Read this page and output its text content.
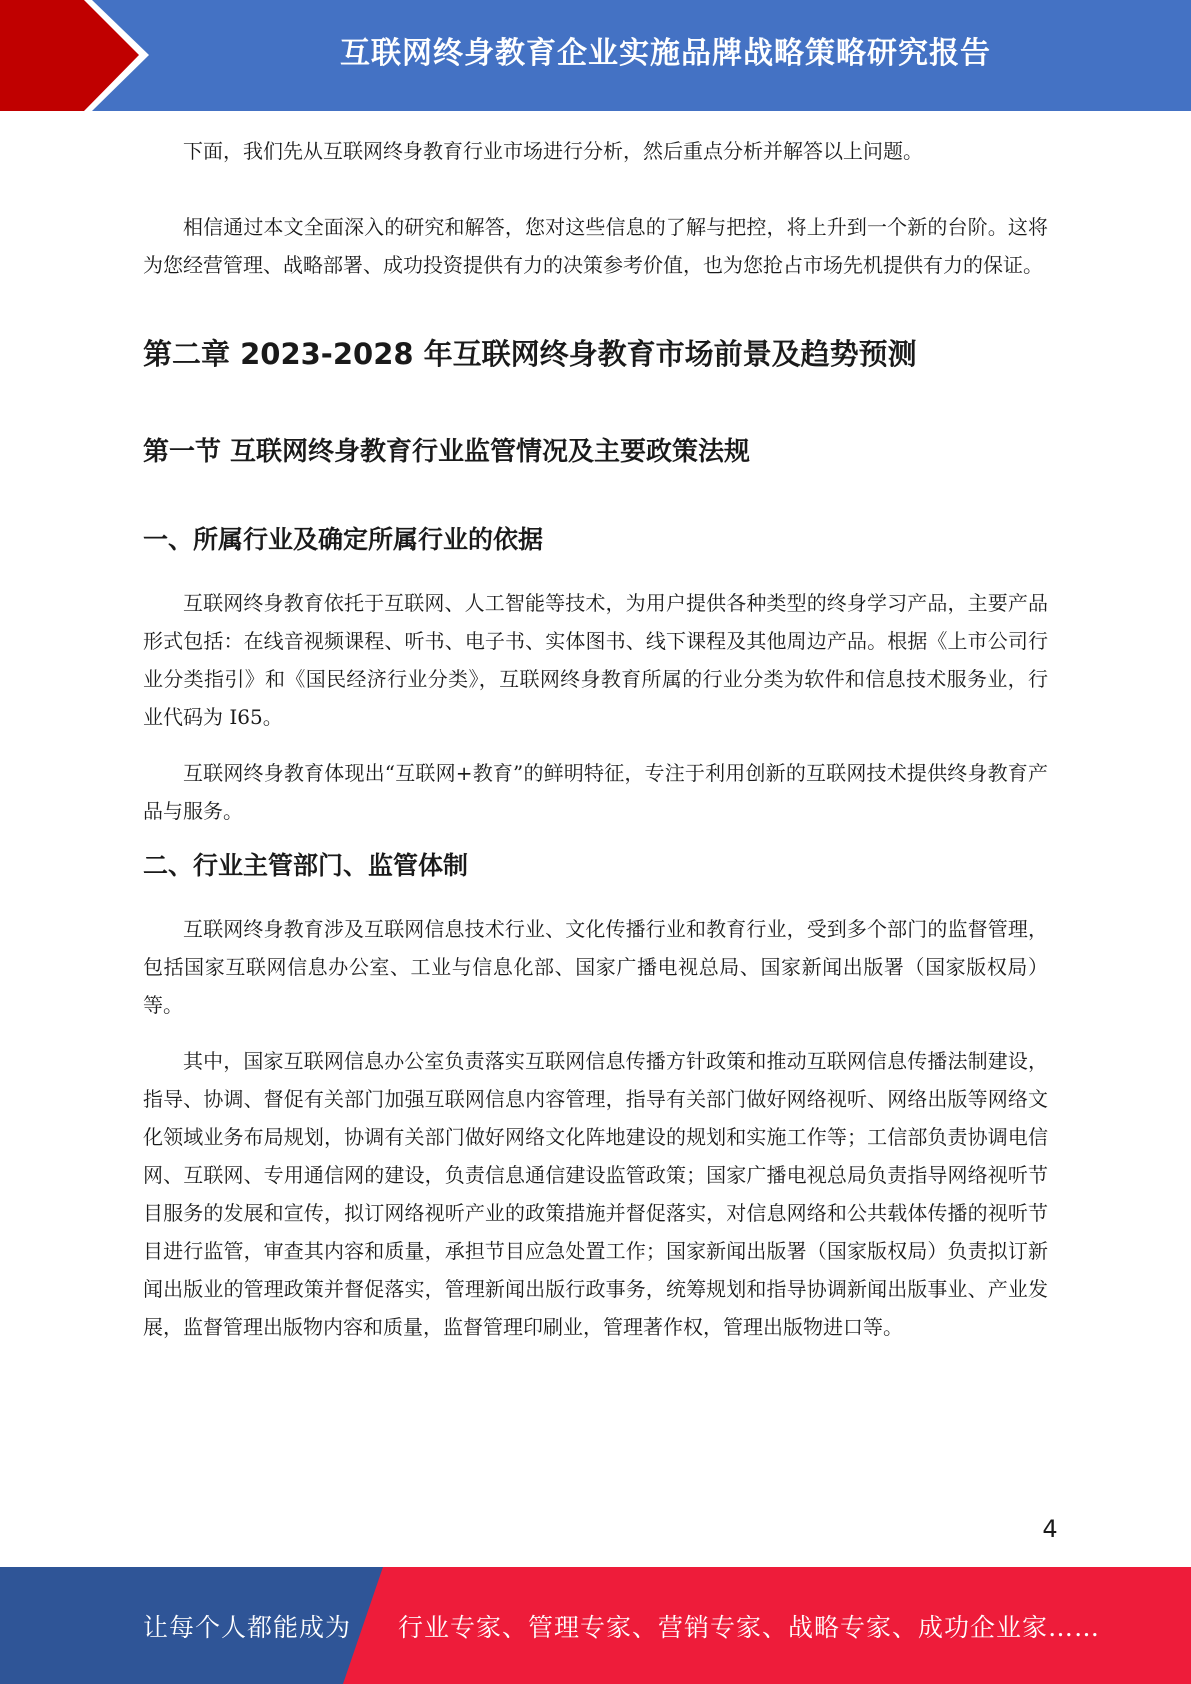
互联网终身教育企业实施品牌战略策略研究报告

下面，我们先从互联网终身教育行业市场进行分析，然后重点分析并解答以上问题。

相信通过本文全面深入的研究和解答，您对这些信息的了解与把控，将上升到一个新的台阶。这将为您经营管理、战略部署、成功投资提供有力的决策参考价值，也为您抢占市场先机提供有力的保证。

第二章 2023-2028 年互联网终身教育市场前景及趋势预测
第一节 互联网终身教育行业监管情况及主要政策法规
一、所属行业及确定所属行业的依据

互联网终身教育依托于互联网、人工智能等技术，为用户提供各种类型的终身学习产品，主要产品形式包括：在线音视频课程、听书、电子书、实体图书、线下课程及其他周边产品。根据《上市公司行业分类指引》和《国民经济行业分类》，互联网终身教育所属的行业分类为软件和信息技术服务业，行业代码为 I65。

互联网终身教育体现出“互联网+教育”的鲜明特征，专注于利用创新的互联网技术提供终身教育产品与服务。

二、行业主管部门、监管体制

互联网终身教育涉及互联网信息技术行业、文化传播行业和教育行业，受到多个部门的监督管理，包括国家互联网信息办公室、工业与信息化部、国家广播电视总局、国家新闻出版署（国家版权局）等。

其中，国家互联网信息办公室负责落实互联网信息传播方针政策和推动互联网信息传播法制建设，指导、协调、督促有关部门加强互联网信息内容管理，指导有关部门做好网络视听、网络出版等网络文化领域业务布局规划，协调有关部门做好网络文化阵地建设的规划和实施工作等；工信部负责协调电信网、互联网、专用通信网的建设，负责信息通信建设监管政策；国家广播电视总局负责指导网络视听节目服务的发展和宣传，拟订网络视听产业的政策措施并督促落实，对信息网络和公共载体传播的视听节目进行监管，审查其内容和质量，承担节目应急处置工作；国家新闻出版署（国家版权局）负责拟订新闻出版业的管理政策并督促落实，管理新闻出版行政事务，统筹规划和指导协调新闻出版事业、产业发展，监督管理出版物内容和质量，监督管理印刷业，管理著作权，管理出版物进口等。

4
让每个人都能成为 行业专家、管理专家、营销专家、战略专家、成功企业家……
